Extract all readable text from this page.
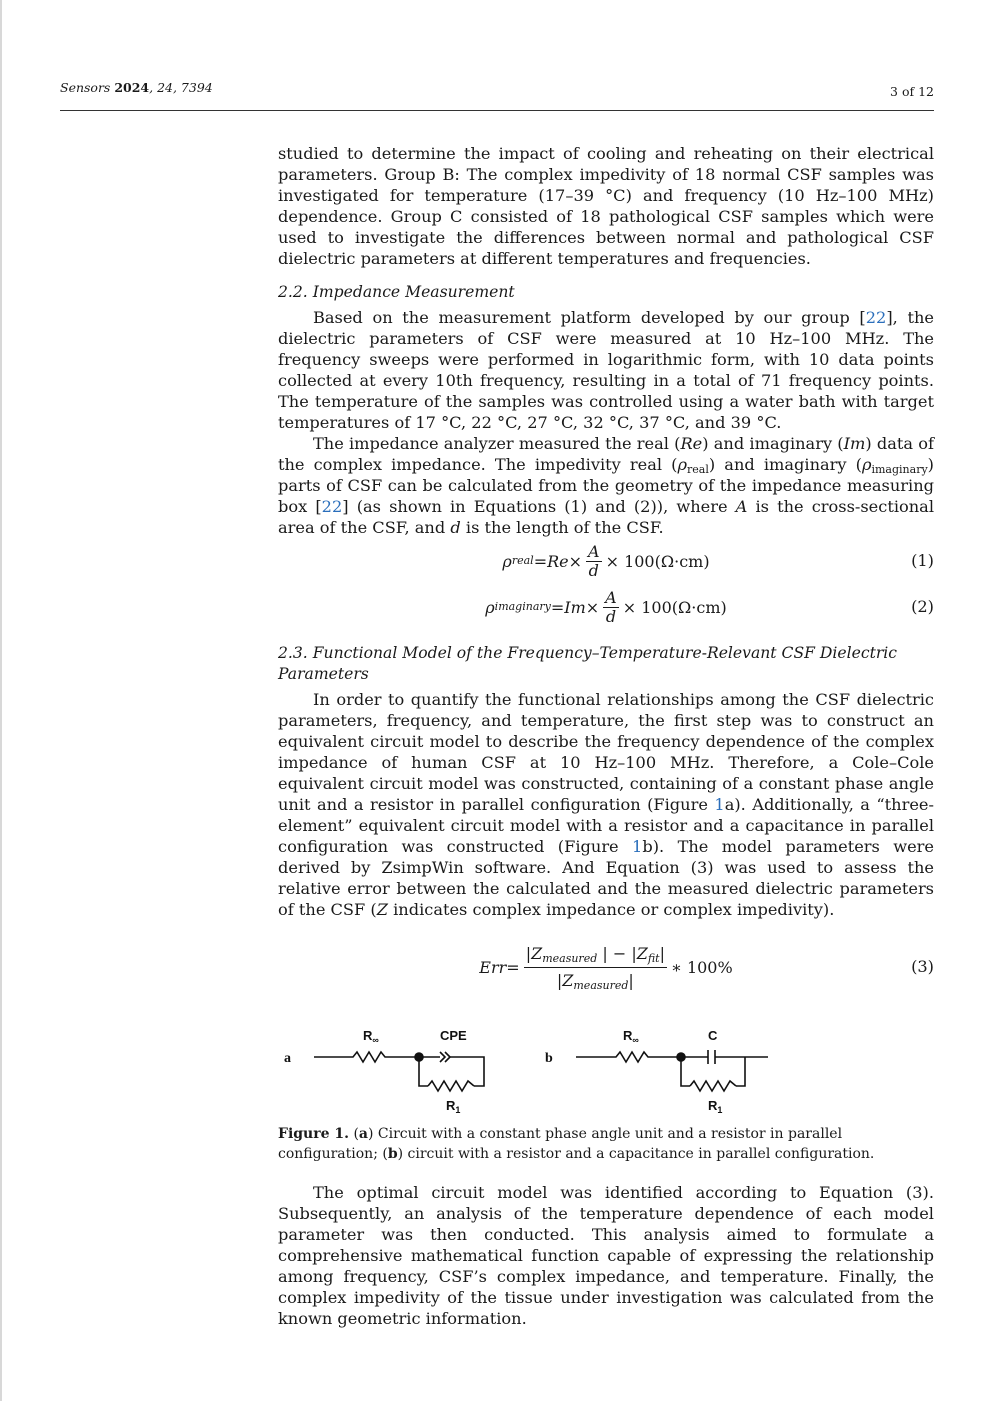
Sensors 2024, 24, 7394	3 of 12

studied to determine the impact of cooling and reheating on their electrical parameters. Group B: The complex impedivity of 18 normal CSF samples was investigated for temperature (17–39 °C) and frequency (10 Hz–100 MHz) dependence. Group C consisted of 18 pathological CSF samples which were used to investigate the differences between normal and pathological CSF dielectric parameters at different temperatures and frequencies.

2.2. Impedance Measurement

Based on the measurement platform developed by our group [22], the dielectric parameters of CSF were measured at 10 Hz–100 MHz. The frequency sweeps were performed in logarithmic form, with 10 data points collected at every 10th frequency, resulting in a total of 71 frequency points. The temperature of the samples was controlled using a water bath with target temperatures of 17 °C, 22 °C, 27 °C, 32 °C, 37 °C, and 39 °C.

The impedance analyzer measured the real (Re) and imaginary (Im) data of the complex impedance. The impedivity real $(\rho_{real})$ and imaginary $(\rho_{imaginary})$ parts of CSF can be calculated from the geometry of the impedance measuring box [22] (as shown in Equations (1) and (2)), where A is the cross-sectional area of the CSF, and d is the length of the CSF.

ρ real = $Re \times \frac{A}{d} \times 100(\Omega\cdot cm)$	(1)
ρ imaginary = $Im \times \frac{A}{d} \times 100(\Omega\cdot cm)$	(2)
2.3. Functional Model of the Frequency–Temperature-Relevant CSF Dielectric Parameters

In order to quantify the functional relationships among the CSF dielectric parameters, frequency, and temperature, the first step was to construct an equivalent circuit model to describe the frequency dependence of the complex impedance of human CSF at 10 Hz–100 MHz. Therefore, a Cole–Cole equivalent circuit model was constructed, containing of a constant phase angle unit and a resistor in parallel configuration (Figure 1a). Additionally, a “three-element” equivalent circuit model with a resistor and a capacitance in parallel configuration was constructed (Figure 1b). The model parameters were derived by ZsimpWin software. And Equation (3) was used to assess the relative error between the calculated and the measured dielectric parameters of the CSF (Z indicates complex impedance or complex impedivity).

Err = $\frac{|Z_{measured} | - |Z_{fit}|}{|Z_{measured}|}$ ∗ 100%	(3)
a
$R_\infty$	CPE
$R_1$
b
$R_\infty$	C
$R_1$
Figure 1. (a) Circuit with a constant phase angle unit and a resistor in parallel configuration; (b) circuit with a resistor and a capacitance in parallel configuration.

The optimal circuit model was identified according to Equation (3). Subsequently, an analysis of the temperature dependence of each model parameter was then conducted. This analysis aimed to formulate a comprehensive mathematical function capable of expressing the relationship among frequency, CSF’s complex impedance, and temperature. Finally, the complex impedivity of the tissue under investigation was calculated from the known geometric information.
